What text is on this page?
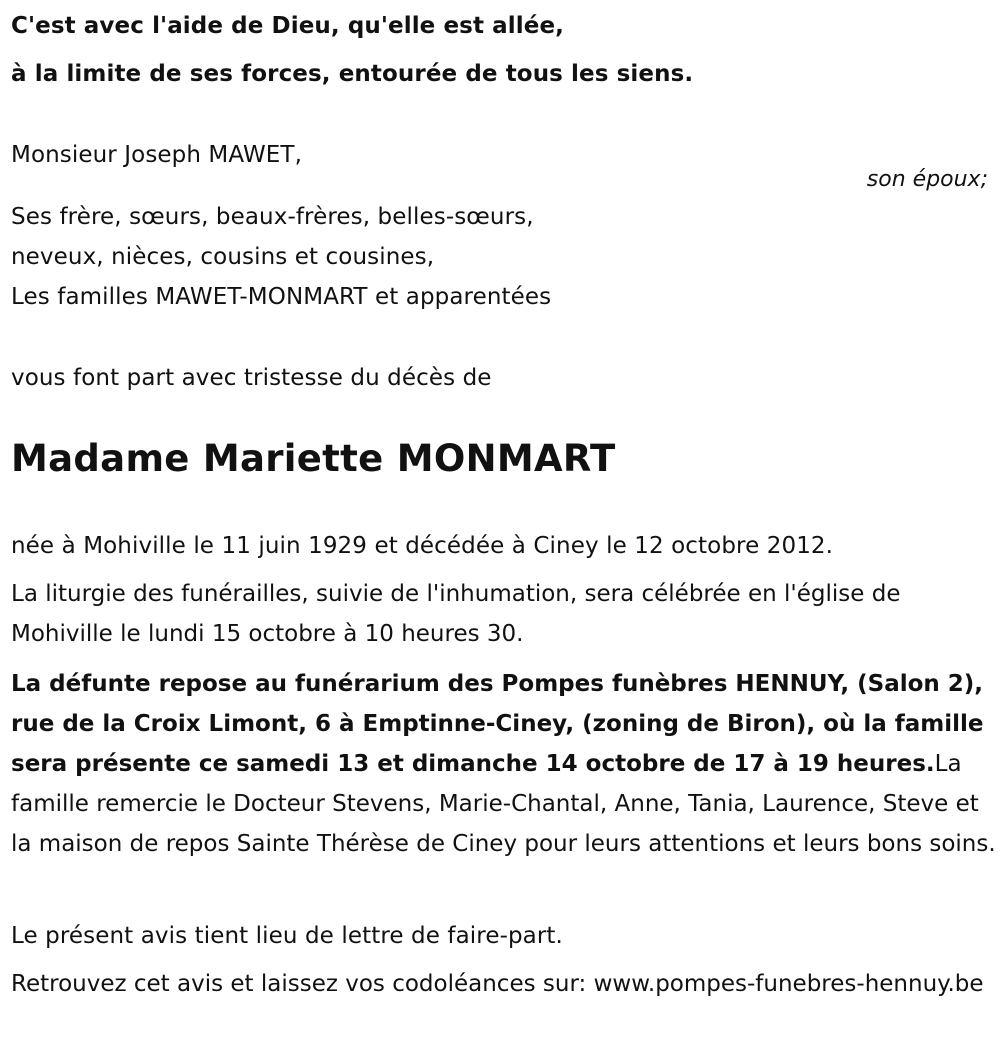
C'est avec l'aide de Dieu, qu'elle est allée,

à la limite de ses forces, entourée de tous les siens.

Monsieur Joseph MAWET,

son époux;

Ses frère, sœurs, beaux-frères, belles-sœurs,

neveux, nièces, cousins et cousines,

Les familles MAWET-MONMART et apparentées

vous font part avec tristesse du décès de

Madame Mariette MONMART

née à Mohiville le 11 juin 1929 et décédée à Ciney le 12 octobre 2012.

La liturgie des funérailles, suivie de l'inhumation, sera célébrée en l'église de Mohiville le lundi 15 octobre à 10 heures 30.

La défunte repose au funérarium des Pompes funèbres HENNUY, (Salon 2), rue de la Croix Limont, 6 à Emptinne-Ciney, (zoning de Biron), où la famille sera présente ce samedi 13 et dimanche 14 octobre de 17 à 19 heures.La famille remercie le Docteur Stevens, Marie-Chantal, Anne, Tania, Laurence, Steve et la maison de repos Sainte Thérèse de Ciney pour leurs attentions et leurs bons soins.

Le présent avis tient lieu de lettre de faire-part.

Retrouvez cet avis et laissez vos codoléances sur: www.pompes-funebres-hennuy.be
